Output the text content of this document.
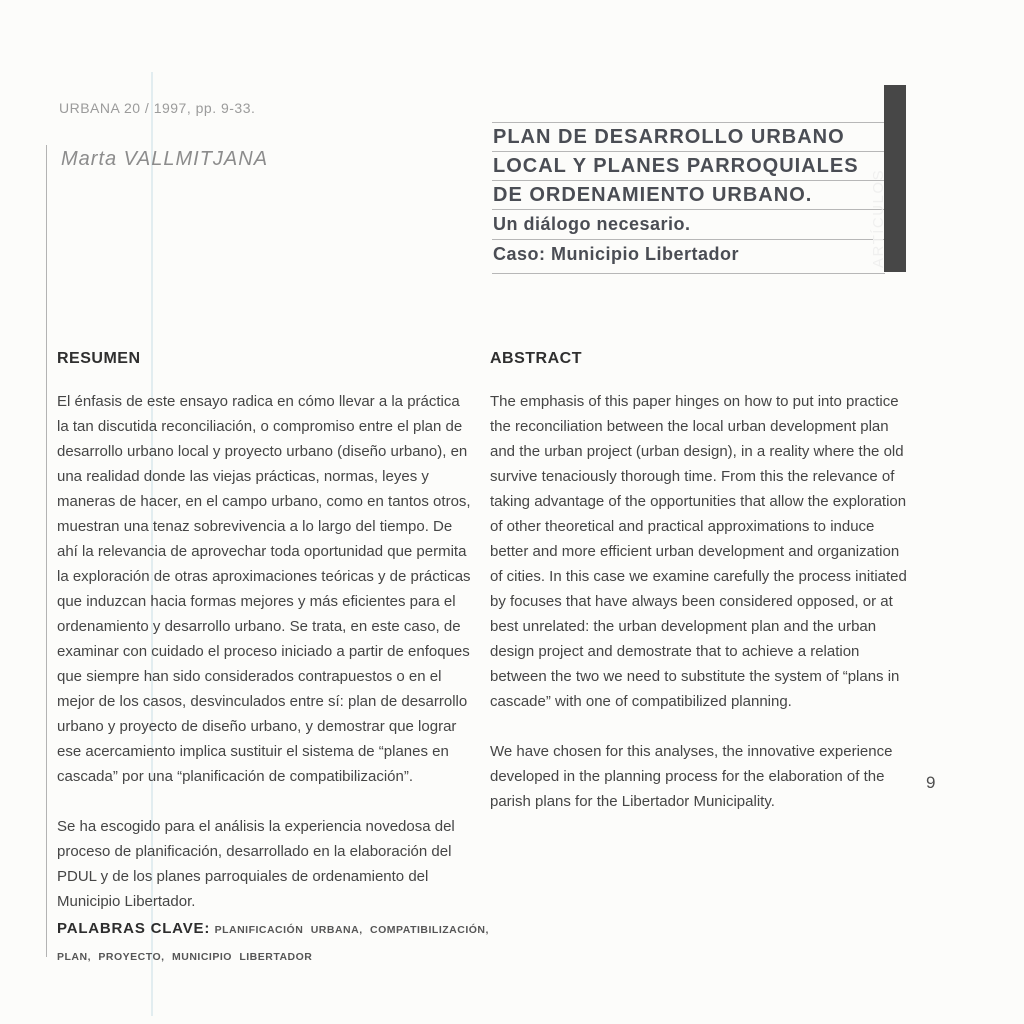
URBANA 20 / 1997, pp. 9-33.
Marta VALLMITJANA
PLAN DE DESARROLLO URBANO
LOCAL Y PLANES PARROQUIALES
DE ORDENAMIENTO URBANO.
Un diálogo necesario.
Caso: Municipio Libertador	ARTÍCULOS
RESUMEN

El énfasis de este ensayo radica en cómo llevar a la práctica la tan discutida reconciliación, o compromiso entre el plan de desarrollo urbano local y proyecto urbano (diseño urbano), en una realidad donde las viejas prácticas, normas, leyes y maneras de hacer, en el campo urbano, como en tantos otros, muestran una tenaz sobrevivencia a lo largo del tiempo. De ahí la relevancia de aprovechar toda oportunidad que permita la exploración de otras aproximaciones teóricas y de prácticas que induzcan hacia formas mejores y más eficientes para el ordenamiento y desarrollo urbano. Se trata, en este caso, de examinar con cuidado el proceso iniciado a partir de enfoques que siempre han sido considerados contrapuestos o en el mejor de los casos, desvinculados entre sí: plan de desarrollo urbano y proyecto de diseño urbano, y demostrar que lograr ese acercamiento implica sustituir el sistema de “planes en cascada” por una “planificación de compatibilización”.

Se ha escogido para el análisis la experiencia novedosa del proceso de planificación, desarrollado en la elaboración del PDUL y de los planes parroquiales de ordenamiento del Municipio Libertador.

ABSTRACT

The emphasis of this paper hinges on how to put into practice the reconciliation between the local urban development plan and the urban project (urban design), in a reality where the old survive tenaciously thorough time. From this the relevance of taking advantage of the opportunities that allow the exploration of other theoretical and practical approximations to induce better and more efficient urban development and organization of cities. In this case we examine carefully the process initiated by focuses that have always been considered opposed, or at best unrelated: the urban development plan and the urban design project and demostrate that to achieve a relation between the two we need to substitute the system of “plans in cascade” with one of compatibilized planning.

We have chosen for this analyses, the innovative experience developed in the planning process for the elaboration of the parish plans for the Libertador Municipality.

9
PALABRAS CLAVE: PLANIFICACIÓN URBANA, COMPATIBILIZACIÓN, PLAN, PROYECTO, MUNICIPIO LIBERTADOR
